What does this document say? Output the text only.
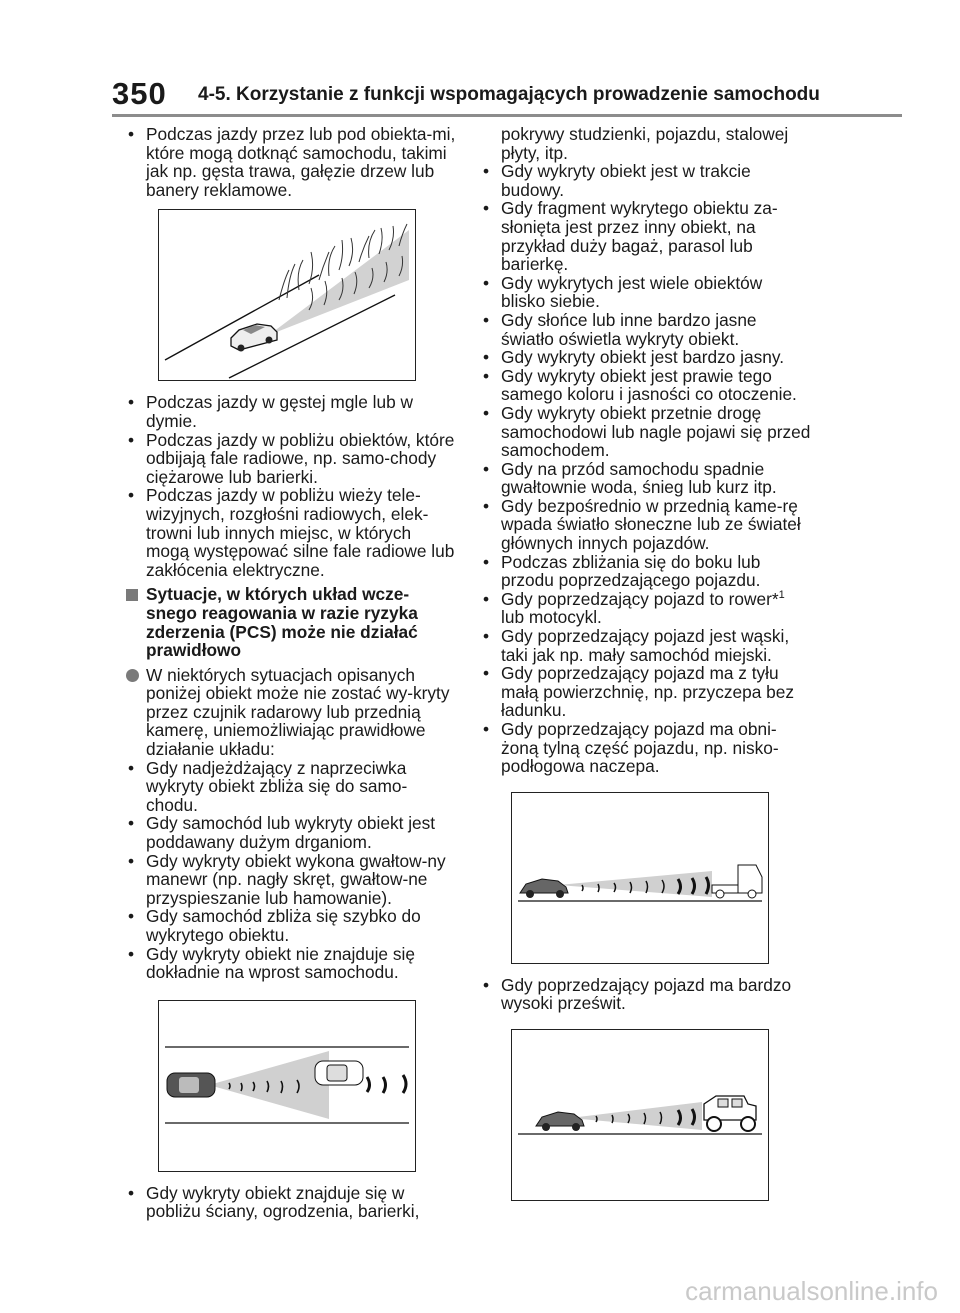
350 4-5. Korzystanie z funkcji wspomagających prowadzenie samochodu
• Podczas jazdy przez lub pod obiekta-mi, które mogą dotknąć samochodu, takimi jak np. gęsta trawa, gałęzie drzew lub banery reklamowe.
• Podczas jazdy w gęstej mgle lub w dymie.
• Podczas jazdy w pobliżu obiektów, które odbijają fale radiowe, np. samo-chody ciężarowe lub barierki.
• Podczas jazdy w pobliżu wieży tele-wizyjnych, rozgłośni radiowych, elek-trowni lub innych miejsc, w których mogą występować silne fale radiowe lub zakłócenia elektryczne.
Sytuacje, w których układ wcze-snego reagowania w razie ryzyka zderzenia (PCS) może nie działać prawidłowo
W niektórych sytuacjach opisanych poniżej obiekt może nie zostać wy-kryty przez czujnik radarowy lub przednią kamerę, uniemożliwiając prawidłowe działanie układu:
• Gdy nadjeżdżający z naprzeciwka wykryty obiekt zbliża się do samo-chodu.
• Gdy samochód lub wykryty obiekt jest poddawany dużym drganiom.
• Gdy wykryty obiekt wykona gwałtow-ny manewr (np. nagły skręt, gwałtow-ne przyspieszanie lub hamowanie).
• Gdy samochód zbliża się szybko do wykrytego obiektu.
• Gdy wykryty obiekt nie znajduje się dokładnie na wprost samochodu.
• Gdy wykryty obiekt znajduje się w pobliżu ściany, ogrodzenia, barierki,
pokrywy studzienki, pojazdu, stalowej płyty, itp.
• Gdy wykryty obiekt jest w trakcie budowy.
• Gdy fragment wykrytego obiektu za-słonięta jest przez inny obiekt, na przykład duży bagaż, parasol lub barierkę.
• Gdy wykrytych jest wiele obiektów blisko siebie.
• Gdy słońce lub inne bardzo jasne światło oświetla wykryty obiekt.
• Gdy wykryty obiekt jest bardzo jasny.
• Gdy wykryty obiekt jest prawie tego samego koloru i jasności co otoczenie.
• Gdy wykryty obiekt przetnie drogę samochodowi lub nagle pojawi się przed samochodem.
• Gdy na przód samochodu spadnie gwałtownie woda, śnieg lub kurz itp.
• Gdy bezpośrednio w przednią kame-rę wpada światło słoneczne lub ze świateł głównych innych pojazdów.
• Podczas zbliżania się do boku lub przodu poprzedzającego pojazdu.
• Gdy poprzedzający pojazd to rower*$^1$
lub motocykl.
• Gdy poprzedzający pojazd jest wąski, taki jak np. mały samochód miejski.
• Gdy poprzedzający pojazd ma z tyłu małą powierzchnię, np. przyczepa bez ładunku.
• Gdy poprzedzający pojazd ma obni-żoną tylną część pojazdu, np. nisko-podłogowa naczepa.
• Gdy poprzedzający pojazd ma bardzo wysoki prześwit.
carmanualsonline.info
